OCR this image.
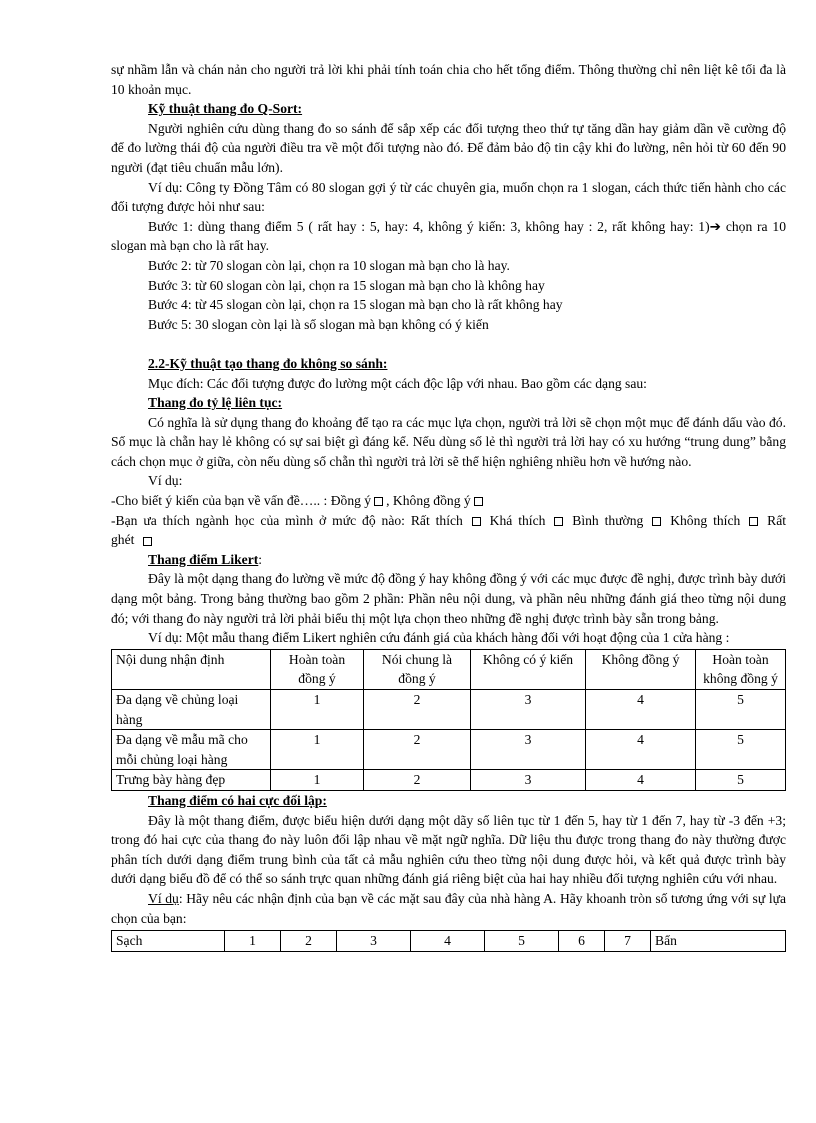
sự nhầm lẫn và chán nản cho người trả lời khi phải tính toán chia cho hết tổng điểm. Thông thường chỉ nên liệt kê tối đa là 10 khoản mục.

Kỹ thuật thang đo Q-Sort:

Người nghiên cứu dùng thang đo so sánh để sắp xếp các đối tượng theo thứ tự tăng dần hay giảm dần về cường độ để đo lường thái độ của người điều tra về một đối tượng nào đó. Để đảm bảo độ tin cậy khi đo lường, nên hỏi từ 60 đến 90 người (đạt tiêu chuẩn mẫu lớn).

Ví dụ: Công ty Đồng Tâm có 80 slogan gợi ý từ các chuyên gia, muốn chọn ra 1 slogan, cách thức tiến hành cho các đối tượng được hỏi như sau:

Bước 1: dùng thang điểm 5 ( rất hay : 5, hay: 4, không ý kiến: 3, không hay : 2, rất không hay: 1)➔ chọn ra 10 slogan mà bạn cho là rất hay.

Bước 2: từ 70 slogan còn lại, chọn ra 10 slogan mà bạn cho là hay.

Bước 3: từ 60 slogan còn lại, chọn ra 15 slogan mà bạn cho là không hay

Bước 4: từ 45 slogan còn lại, chọn ra 15 slogan mà bạn cho là rất không hay

Bước 5: 30 slogan còn lại là số slogan mà bạn không có ý kiến

2.2-Kỹ thuật tạo thang đo không so sánh:

Mục đích: Các đối tượng được đo lường một cách độc lập với nhau. Bao gồm các dạng sau:

Thang đo tỷ lệ liên tục:

Có nghĩa là sử dụng thang đo khoảng để tạo ra các mục lựa chọn, người trả lời sẽ chọn một mục để đánh dấu vào đó. Số mục là chẵn hay lẻ không có sự sai biệt gì đáng kể. Nếu dùng số lẻ thì người trả lời hay có xu hướng “trung dung” bằng cách chọn mục ở giữa, còn nếu dùng số chẵn thì người trả lời sẽ thể hiện nghiêng nhiều hơn về hướng nào.

Ví dụ:

-Cho biết ý kiến của bạn về vấn đề….. : Đồng ý , Không đồng ý

-Bạn ưa thích ngành học của mình ở mức độ nào: Rất thích Khá thích Bình thường Không thích Rất ghét

Thang điểm Likert:

Đây là một dạng thang đo lường về mức độ đồng ý hay không đồng ý với các mục được đề nghị, được trình bày dưới dạng một bảng. Trong bảng thường bao gồm 2 phần: Phần nêu nội dung, và phần nêu những đánh giá theo từng nội dung đó; với thang đo này người trả lời phải biểu thị một lựa chọn theo những đề nghị được trình bày sẵn trong bảng.

Ví dụ: Một mẫu thang điểm Likert nghiên cứu đánh giá của khách hàng đối với hoạt động của 1 cửa hàng :

Nội dung nhận định	Hoàn toàn đồng ý	Nói chung là đồng ý	Không có ý kiến	Không đồng ý	Hoàn toàn không đồng ý
Đa dạng về chủng loại hàng	1	2	3	4	5
Đa dạng về mẫu mã cho mỗi chủng loại hàng	1	2	3	4	5
Trưng bày hàng đẹp	1	2	3	4	5

Thang điểm có hai cực đối lập:

Đây là một thang điểm, được biểu hiện dưới dạng một dãy số liên tục từ 1 đến 5, hay từ 1 đến 7, hay từ -3 đến +3; trong đó hai cực của thang đo này luôn đối lập nhau về mặt ngữ nghĩa. Dữ liệu thu được trong thang đo này thường được phân tích dưới dạng điểm trung bình của tất cả mẫu nghiên cứu theo từng nội dung được hỏi, và kết quả được trình bày dưới dạng biểu đồ để có thể so sánh trực quan những đánh giá riêng biệt của hai hay nhiều đối tượng nghiên cứu với nhau.

Ví dụ: Hãy nêu các nhận định của bạn về các mặt sau đây của nhà hàng A. Hãy khoanh tròn số tương ứng với sự lựa chọn của bạn:

Sạch	1	2	3	4	5	6	7	Bẩn
